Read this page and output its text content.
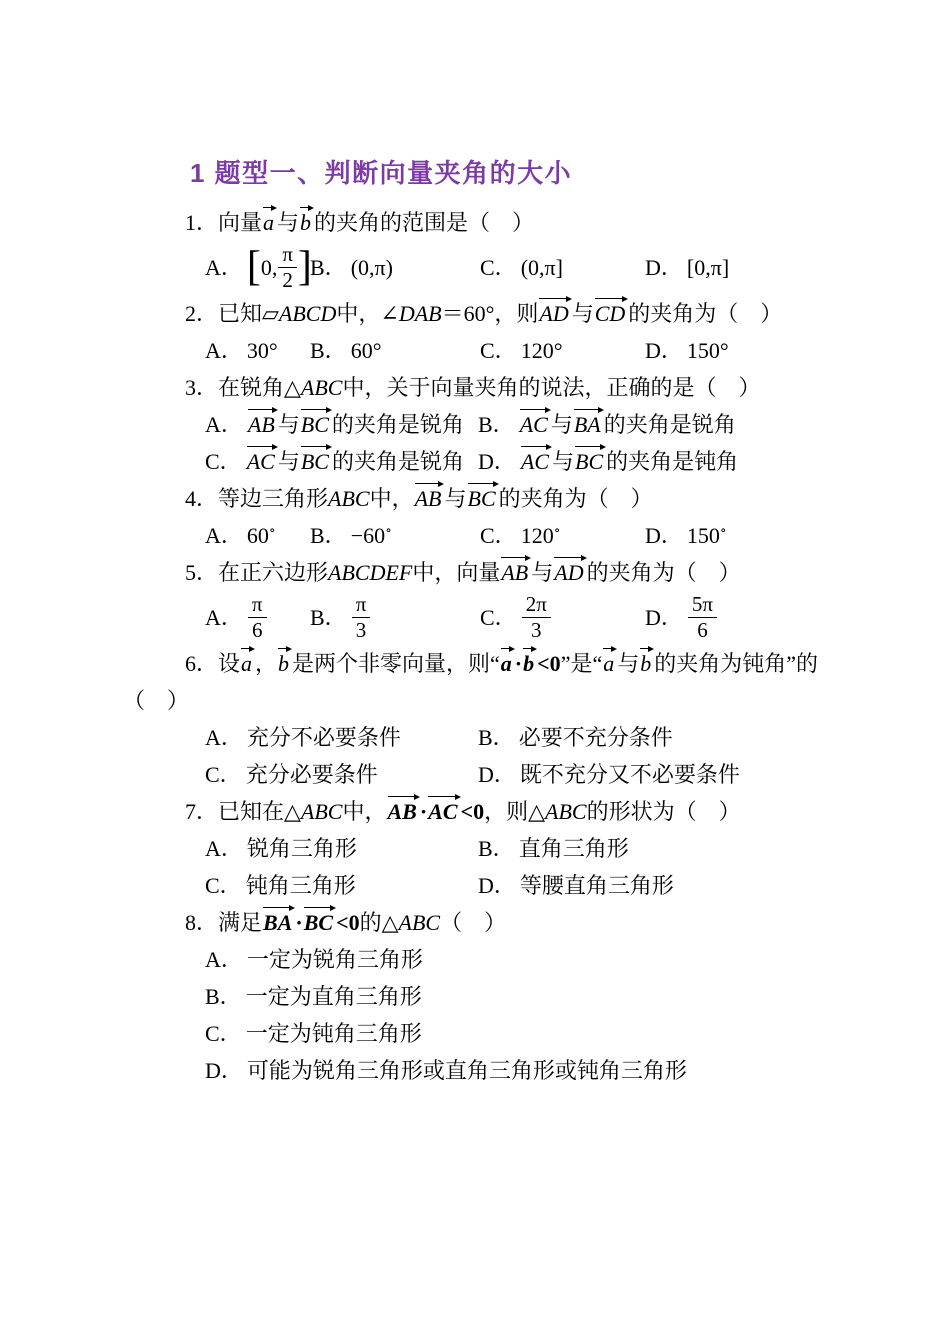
1 题型一、判断向量夹角的大小
1．向量a 与b 的夹角的范围是（　）
A．[0, $\frac{\pi}{2}$ ]
B． (0,π)	C． (0,π]	D． [0,π]
2．已知▱ABCD中，∠DAB＝60°，则AD 与CD 的夹角为（　）
A． 30°	B． 60°	C． 120°	D． 150°
3．在锐角△ABC中，关于向量夹角的说法，正确的是（　）
A． AB 与BC 的夹角是锐角 B． AC 与BA 的夹角是锐角
C． AC 与BC 的夹角是锐角 D． AC 与BC 的夹角是钝角
4．等边三角形ABC中，AB 与BC 的夹角为（　）
A． 60∘	B． −60∘	C． 120∘	D． 150∘
5．在正六边形ABCDEF中，向量AB 与AD 的夹角为（　）
A． $\frac{\pi}{6}$ B． $\frac{\pi}{3}$	C． $\frac{2\pi}{3}$	D． $\frac{5\pi}{6}$
6．设a ，b 是两个非零向量，则“a ·b <0”是“a 与b 的夹角为钝角”的
（　）
A． 充分不必要条件	B． 必要不充分条件
C． 充分必要条件	D． 既不充分又不必要条件
7．已知在△ABC中，AB ·AC <0，则△ABC的形状为（　）
A． 锐角三角形	B． 直角三角形
C． 钝角三角形	D． 等腰直角三角形
8．满足BA ·BC <0的△ABC（　）
A． 一定为锐角三角形
B． 一定为直角三角形
C． 一定为钝角三角形
D． 可能为锐角三角形或直角三角形或钝角三角形
